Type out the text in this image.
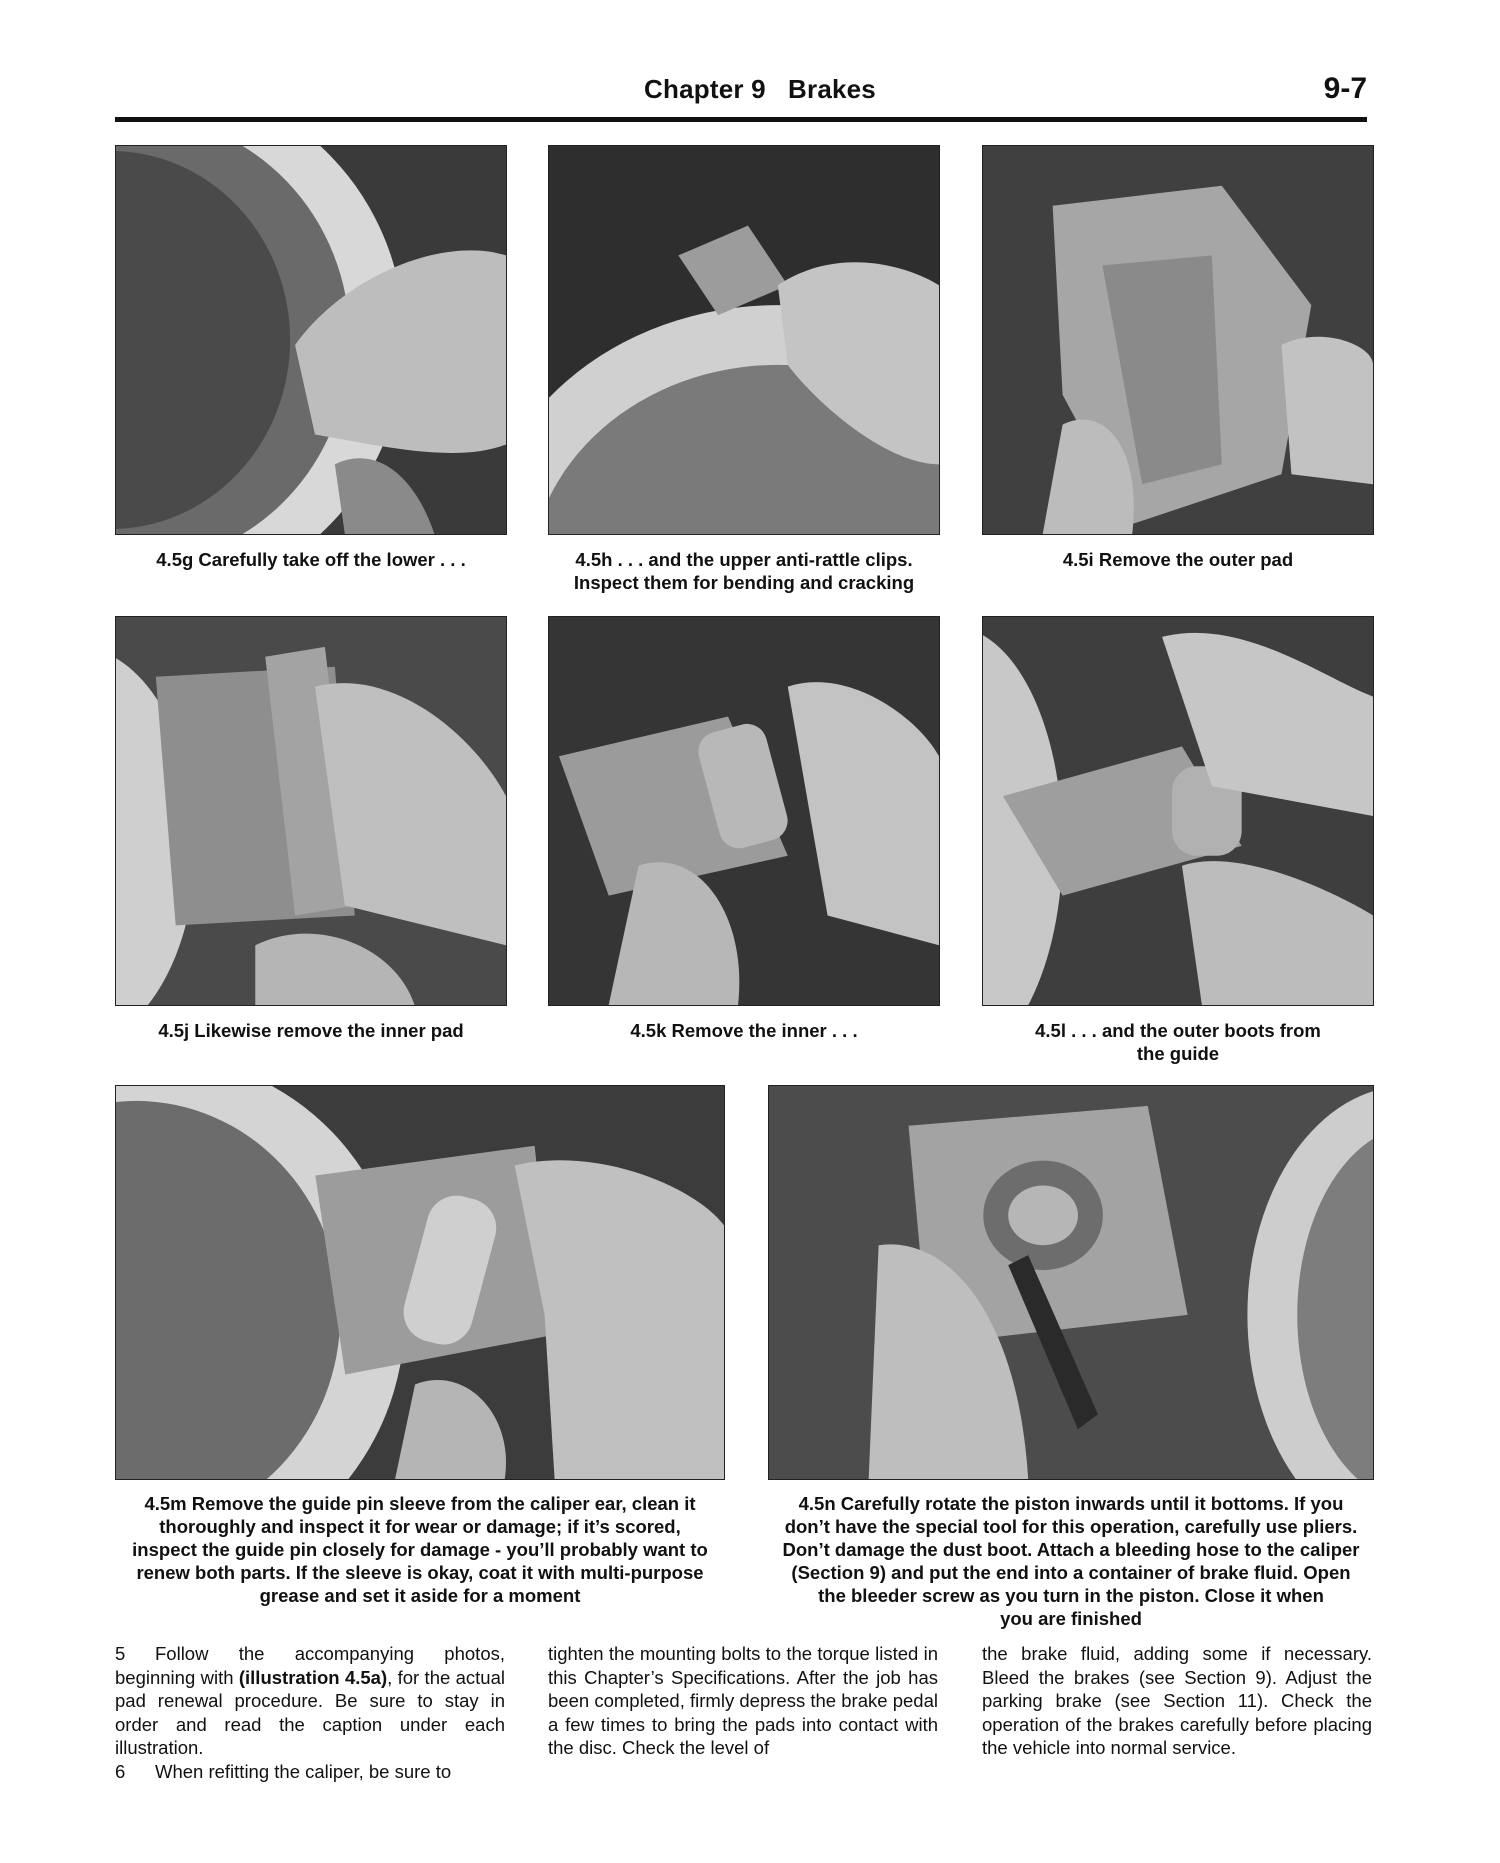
Chapter 9   Brakes	9-7
4.5g Carefully take off the lower . . .	4.5h . . . and the upper anti-rattle clips.
Inspect them for bending and cracking
4.5i Remove the outer pad
4.5j Likewise remove the inner pad	4.5k Remove the inner . . .	4.5l . . . and the outer boots from
the guide
4.5m Remove the guide pin sleeve from the caliper ear, clean it
thoroughly and inspect it for wear or damage; if it’s scored,
inspect the guide pin closely for damage - you’ll probably want to
renew both parts. If the sleeve is okay, coat it with multi-purpose
grease and set it aside for a moment
4.5n Carefully rotate the piston inwards until it bottoms. If you
don’t have the special tool for this operation, carefully use pliers.
Don’t damage the dust boot. Attach a bleeding hose to the caliper
(Section 9) and put the end into a container of brake fluid. Open
the bleeder screw as you turn in the piston. Close it when
you are finished

5 Follow the accompanying photos, beginning with (illustration 4.5a), for the actual pad renewal procedure. Be sure to stay in order and read the caption under each illustration.

6 When refitting the caliper, be sure to

tighten the mounting bolts to the torque listed in this Chapter’s Specifications. After the job has been completed, firmly depress the brake pedal a few times to bring the pads into contact with the disc. Check the level of

the brake fluid, adding some if necessary. Bleed the brakes (see Section 9). Adjust the parking brake (see Section 11). Check the operation of the brakes carefully before placing the vehicle into normal service.
